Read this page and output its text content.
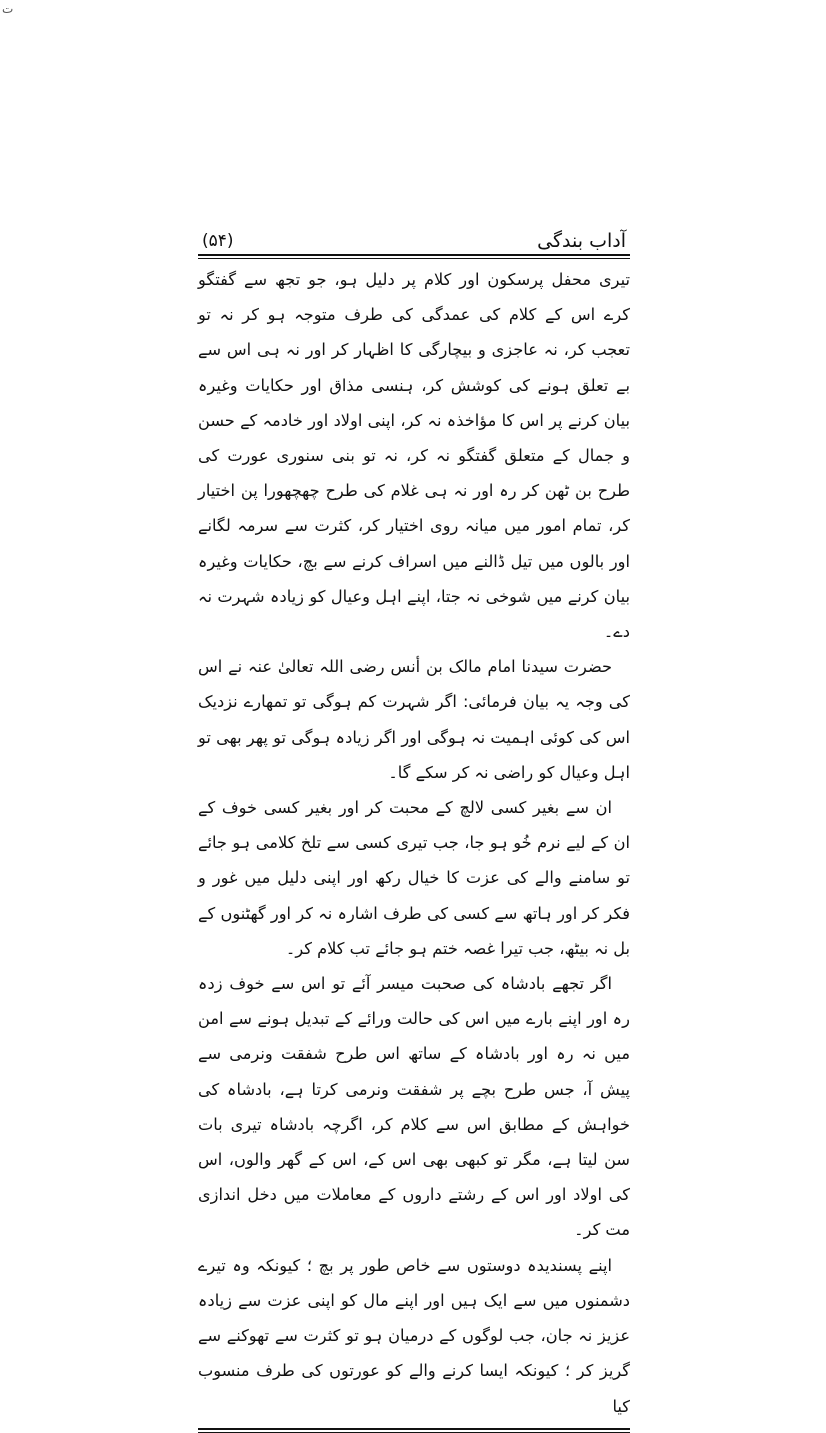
ت
آداب بندگی
(۵۴)

تیری محفل پرسکون اور کلام پر دلیل ہو، جو تجھ سے گفتگو کرے اس کے کلام کی عمدگی کی طرف متوجہ ہو کر نہ تو تعجب کر، نہ عاجزی و بیچارگی کا اظہار کر اور نہ ہی اس سے بے تعلق ہونے کی کوشش کر، ہنسی مذاق اور حکایات وغیرہ بیان کرنے پر اس کا مؤاخذہ نہ کر، اپنی اولاد اور خادمہ کے حسن و جمال کے متعلق گفتگو نہ کر، نہ تو بنی سنوری عورت کی طرح بن ٹھن کر رہ اور نہ ہی غلام کی طرح چھچھورا پن اختیار کر، تمام امور میں میانہ روی اختیار کر، کثرت سے سرمہ لگانے اور بالوں میں تیل ڈالنے میں اسراف کرنے سے بچ، حکایات وغیرہ بیان کرنے میں شوخی نہ جتا، اپنے اہل وعیال کو زیادہ شہرت نہ دے۔

حضرت سیدنا امام مالک بن أنس رضی اللہ تعالیٰ عنہ نے اس کی وجہ یہ بیان فرمائی: اگر شہرت کم ہوگی تو تمھارے نزدیک اس کی کوئی اہمیت نہ ہوگی اور اگر زیادہ ہوگی تو پھر بھی تو اہل وعیال کو راضی نہ کر سکے گا۔

ان سے بغیر کسی لالچ کے محبت کر اور بغیر کسی خوف کے ان کے لیے نرم خُو ہو جا، جب تیری کسی سے تلخ کلامی ہو جائے تو سامنے والے کی عزت کا خیال رکھ اور اپنی دلیل میں غور و فکر کر اور ہاتھ سے کسی کی طرف اشارہ نہ کر اور گھٹنوں کے بل نہ بیٹھ، جب تیرا غصہ ختم ہو جائے تب کلام کر۔

اگر تجھے بادشاہ کی صحبت میسر آئے تو اس سے خوف زدہ رہ اور اپنے بارے میں اس کی حالت ورائے کے تبدیل ہونے سے امن میں نہ رہ اور بادشاہ کے ساتھ اس طرح شفقت ونرمی سے پیش آ، جس طرح بچے پر شفقت ونرمی کرتا ہے، بادشاہ کی خواہش کے مطابق اس سے کلام کر، اگرچہ بادشاہ تیری بات سن لیتا ہے، مگر تو کبھی بھی اس کے، اس کے گھر والوں، اس کی اولاد اور اس کے رشتے داروں کے معاملات میں دخل اندازی مت کر۔

اپنے پسندیدہ دوستوں سے خاص طور پر بچ ؛ کیونکہ وہ تیرے دشمنوں میں سے ایک ہیں اور اپنے مال کو اپنی عزت سے زیادہ عزیز نہ جان، جب لوگوں کے درمیان ہو تو کثرت سے تھوکنے سے گریز کر ؛ کیونکہ ایسا کرنے والے کو عورتوں کی طرف منسوب کیا
